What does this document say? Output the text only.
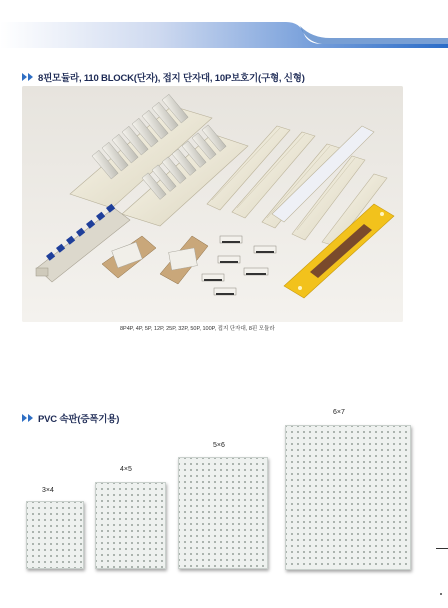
8핀모듈라, 110 BLOCK(단자), 접지 단자대, 10P보호기(구형, 신형)
8P4P, 4P, 5P, 12P, 25P, 32P, 50P, 100P, 접지 단자대, 8핀 모듈라
PVC 속판(증폭기용)
3×4
4×5
5×6
6×7
